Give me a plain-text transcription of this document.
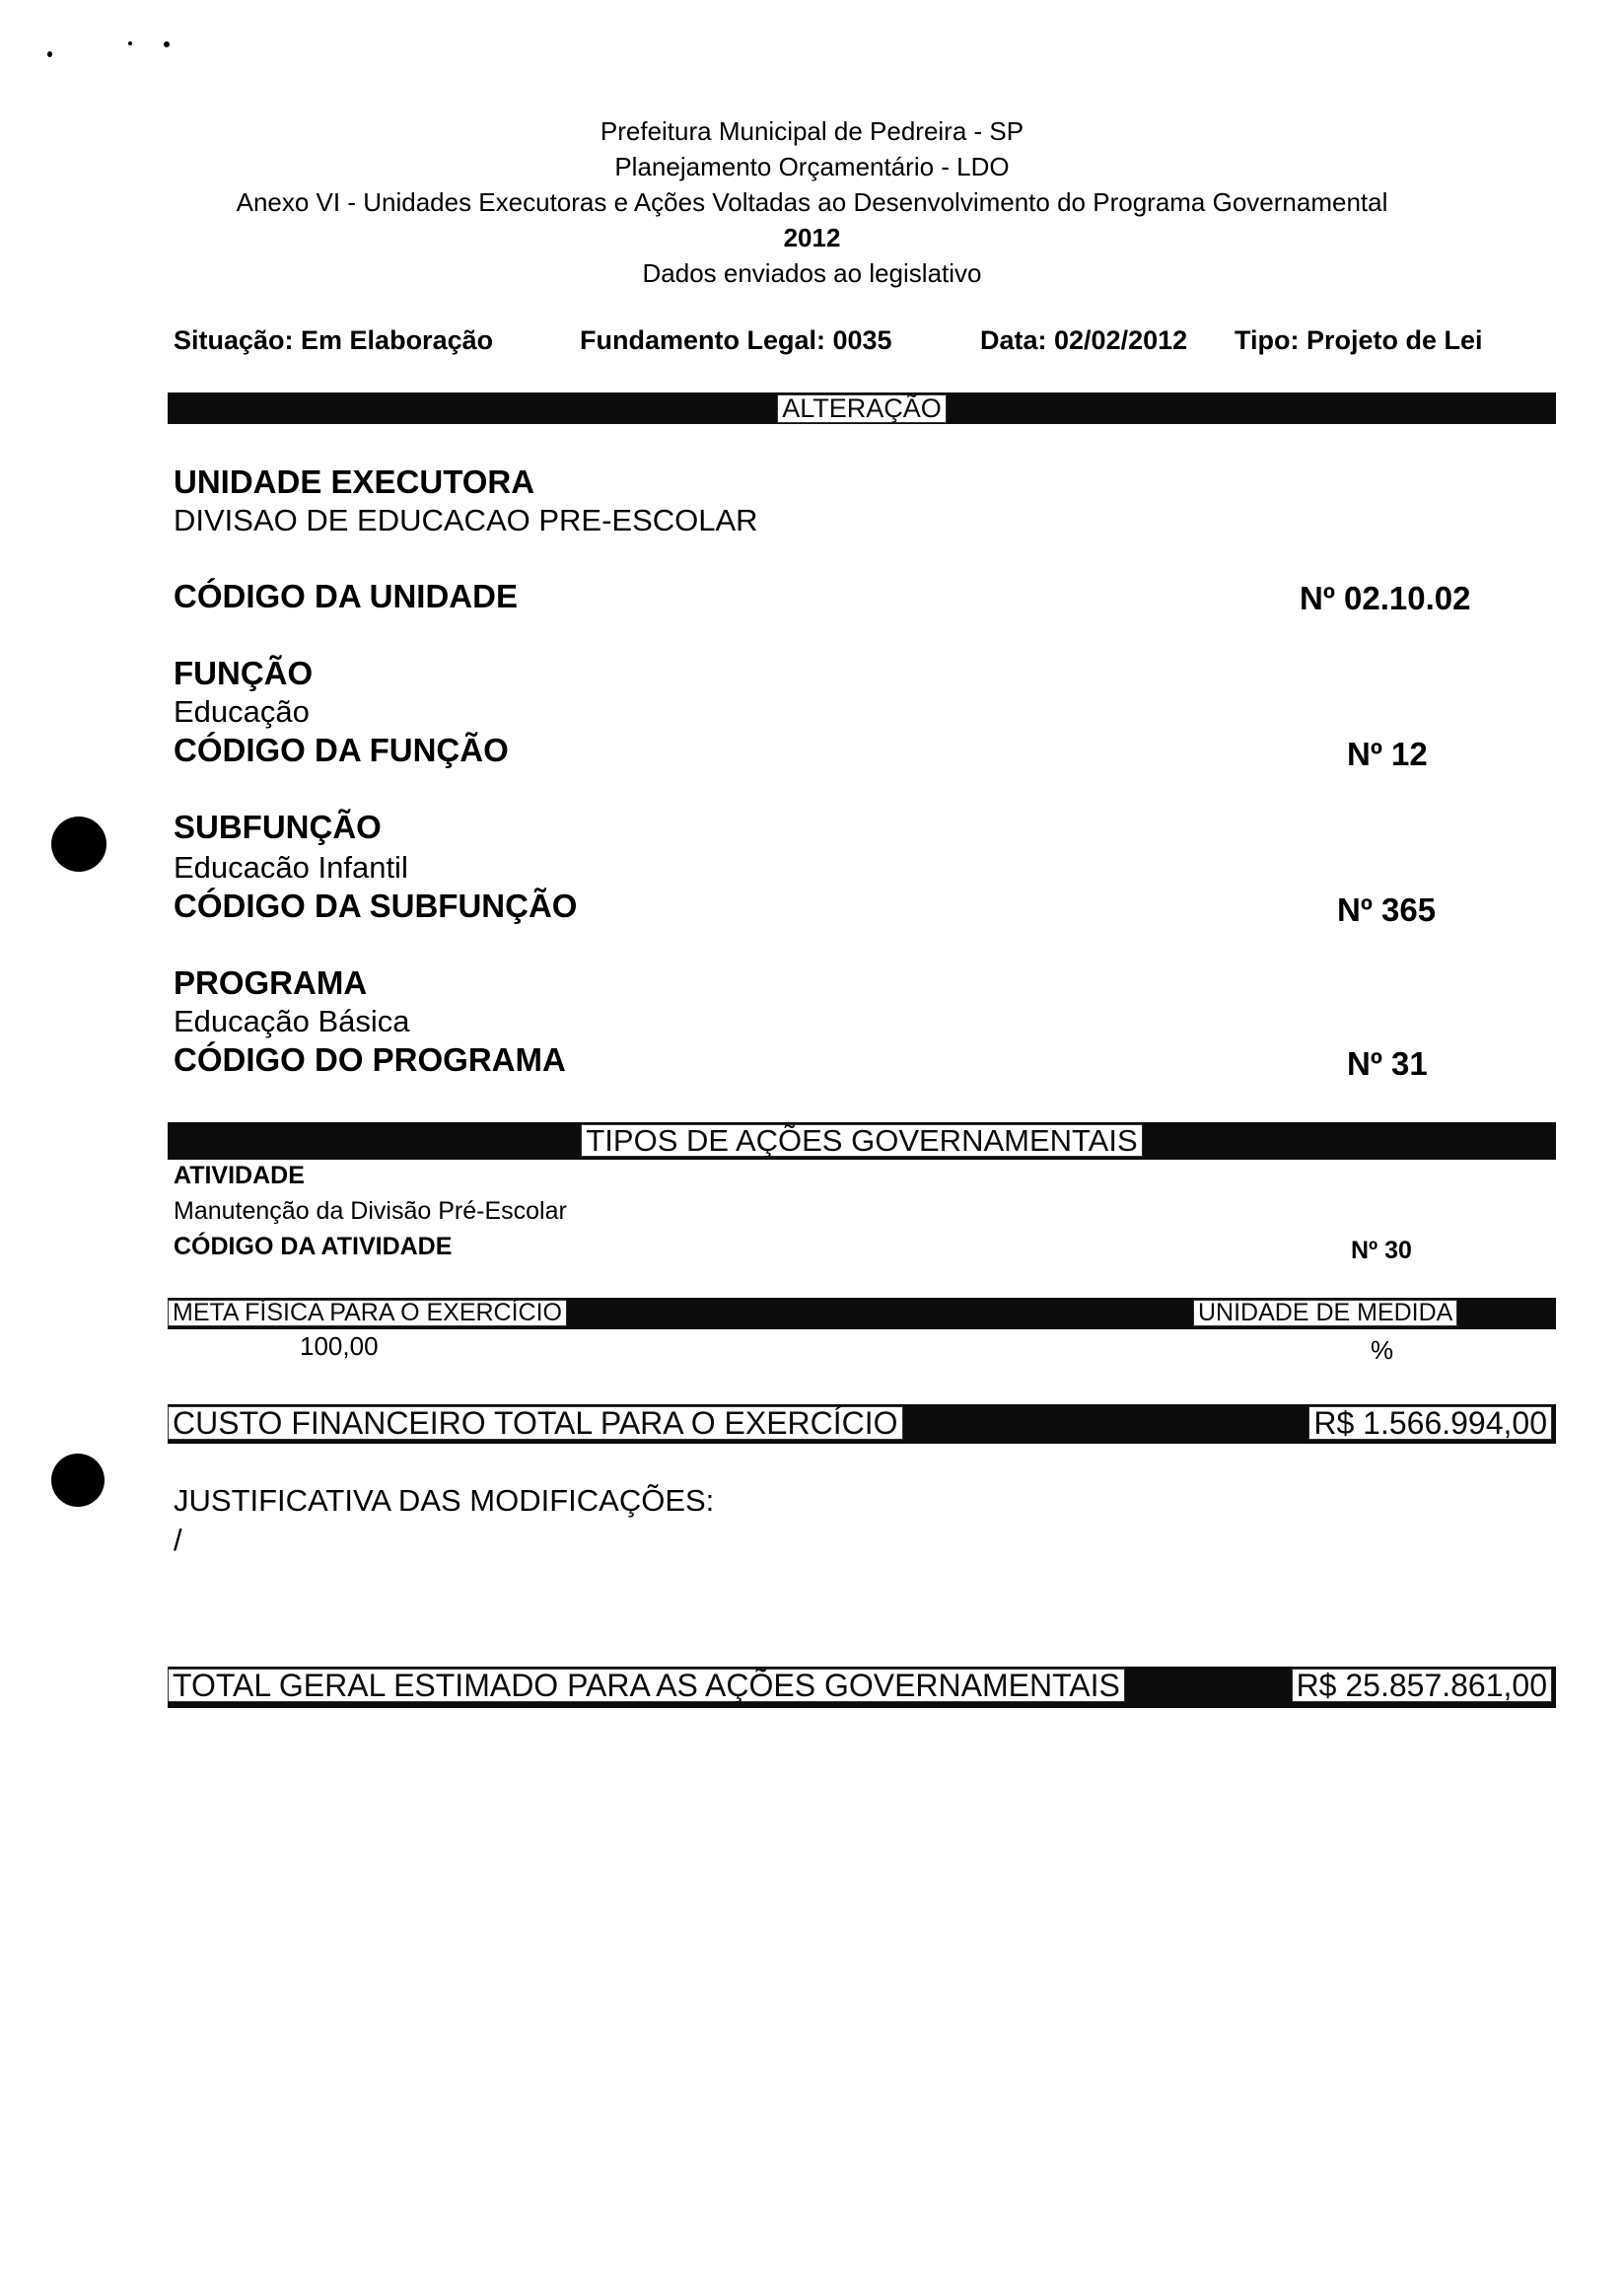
Prefeitura Municipal de Pedreira - SP
Planejamento Orçamentário - LDO
Anexo VI - Unidades Executoras e Ações Voltadas ao Desenvolvimento do Programa Governamental
2012
Dados enviados ao legislativo
Situação: Em Elaboração	Fundamento Legal: 0035	Data: 02/02/2012 Tipo: Projeto de Lei
ALTERAÇÃO
UNIDADE EXECUTORA
DIVISAO DE EDUCACAO PRE-ESCOLAR
CÓDIGO DA UNIDADE	Nº 02.10.02
FUNÇÃO
Educação
CÓDIGO DA FUNÇÃO	Nº 12
SUBFUNÇÃO
Educacão Infantil
CÓDIGO DA SUBFUNÇÃO	Nº 365
PROGRAMA
Educação Básica
CÓDIGO DO PROGRAMA	Nº 31
TIPOS DE AÇÕES GOVERNAMENTAIS
ATIVIDADE
Manutenção da Divisão Pré-Escolar
CÓDIGO DA ATIVIDADE	Nº 30
META FÍSICA PARA O EXERCÍCIO	UNIDADE DE MEDIDA
100,00	%
CUSTO FINANCEIRO TOTAL PARA O EXERCÍCIO	R$ 1.566.994,00
JUSTIFICATIVA DAS MODIFICAÇÕES:
/
TOTAL GERAL ESTIMADO PARA AS AÇÕES GOVERNAMENTAIS	R$ 25.857.861,00
